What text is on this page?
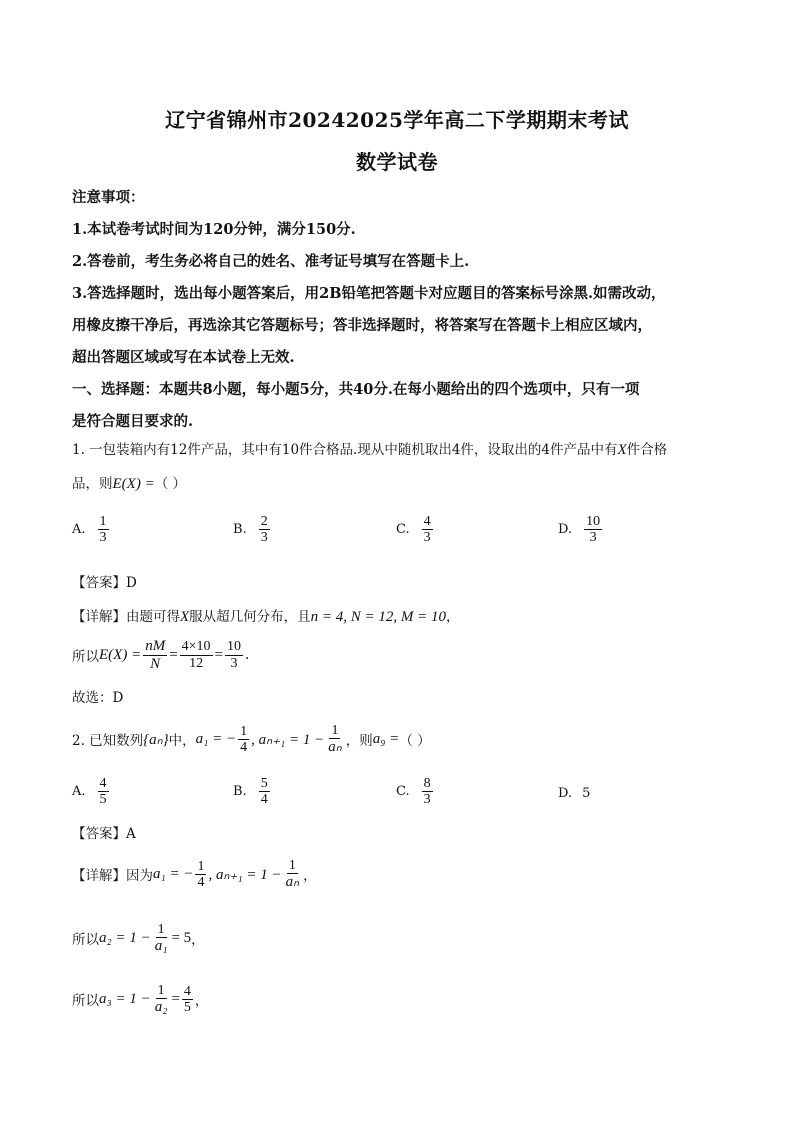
辽宁省锦州市20242025学年高二下学期期末考试
数学试卷
注意事项：
1.本试卷考试时间为120分钟，满分150分.
2.答卷前，考生务必将自己的姓名、准考证号填写在答题卡上.
3.答选择题时，选出每小题答案后，用2B铅笔把答题卡对应题目的答案标号涂黑.如需改动，
用橡皮擦干净后，再选涂其它答题标号；答非选择题时，将答案写在答题卡上相应区域内，
超出答题区域或写在本试卷上无效.
一、选择题：本题共8小题，每小题5分，共40分.在每小题给出的四个选项中，只有一项
是符合题目要求的.
1. 一包装箱内有12件产品，其中有10件合格品.现从中随机取出4件，设取出的4件产品中有X件合格
品，则E(X) =（ ）
A. $\frac{1}{3}$	B. $\frac{2}{3}$	C. $\frac{4}{3}$	D. $\frac{10}{3}$
【答案】D
【详解】由题可得X服从超几何分布，且n = 4, N = 12, M = 10，
所以 $E(X) = \frac{nM}{N} = \frac{4\times 10}{12} = \frac{10}{3}$ .
故选：D
2. 已知数列 {aₙ} 中， a₁ = − $\frac{1}{4}$ , $a_{n+1} = 1 - \frac{1}{\text{aₙ}}$ ，则 a₉ = （ ）
A. $\frac{4}{5}$	B. $\frac{5}{4}$	C. $\frac{8}{3}$	D. 5
【答案】A
【详解】因为 a₁ = − $\frac{1}{4}$ , $a_{n+1} = 1 - \frac{1}{\text{aₙ}}$ ，
所以 $a_2 = 1 - \frac{1}{\text{a₁}} = 5$ ，
所以 $a_3 = 1 - \frac{1}{\text{a₂}} = \frac{4}{5}$ ，
